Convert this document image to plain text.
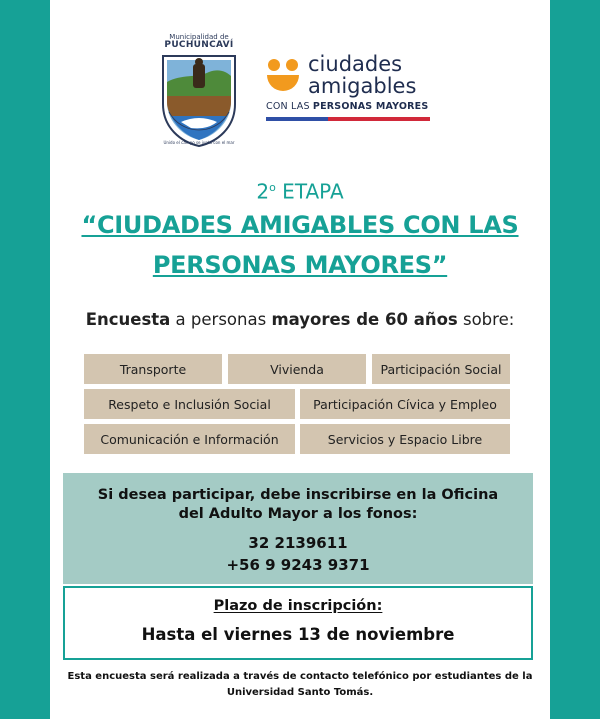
Municipalidad de
PUCHUNCAVÍ
Unido el campo se junta con el mar
ciudades
amigables
CON LAS PERSONAS MAYORES
2$^o$ ETAPA
“CIUDADES AMIGABLES CON LAS
PERSONAS MAYORES”
Encuesta a personas mayores de 60 años sobre:
Transporte	Vivienda	Participación Social
Respeto e Inclusión Social	Participación Cívica y Empleo
Comunicación e Información	Servicios y Espacio Libre
Si desea participar, debe inscribirse en la Oficina
del Adulto Mayor a los fonos:
32 2139611
+56 9 9243 9371
Plazo de inscripción:
Hasta el viernes 13 de noviembre
Esta encuesta será realizada a través de contacto telefónico por estudiantes de la
Universidad Santo Tomás.
